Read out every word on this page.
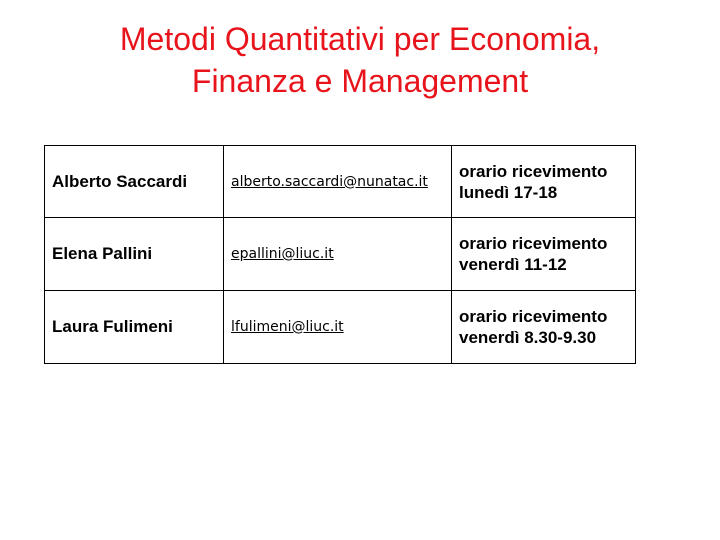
Metodi Quantitativi per Economia,
Finanza e Management
Alberto Saccardi	alberto.saccardi@nunatac.it	orario ricevimento
lunedì 17-18

Elena Pallini	epallini@liuc.it	orario ricevimento
venerdì 11-12

Laura Fulimeni	lfulimeni@liuc.it	orario ricevimento
venerdì 8.30-9.30
